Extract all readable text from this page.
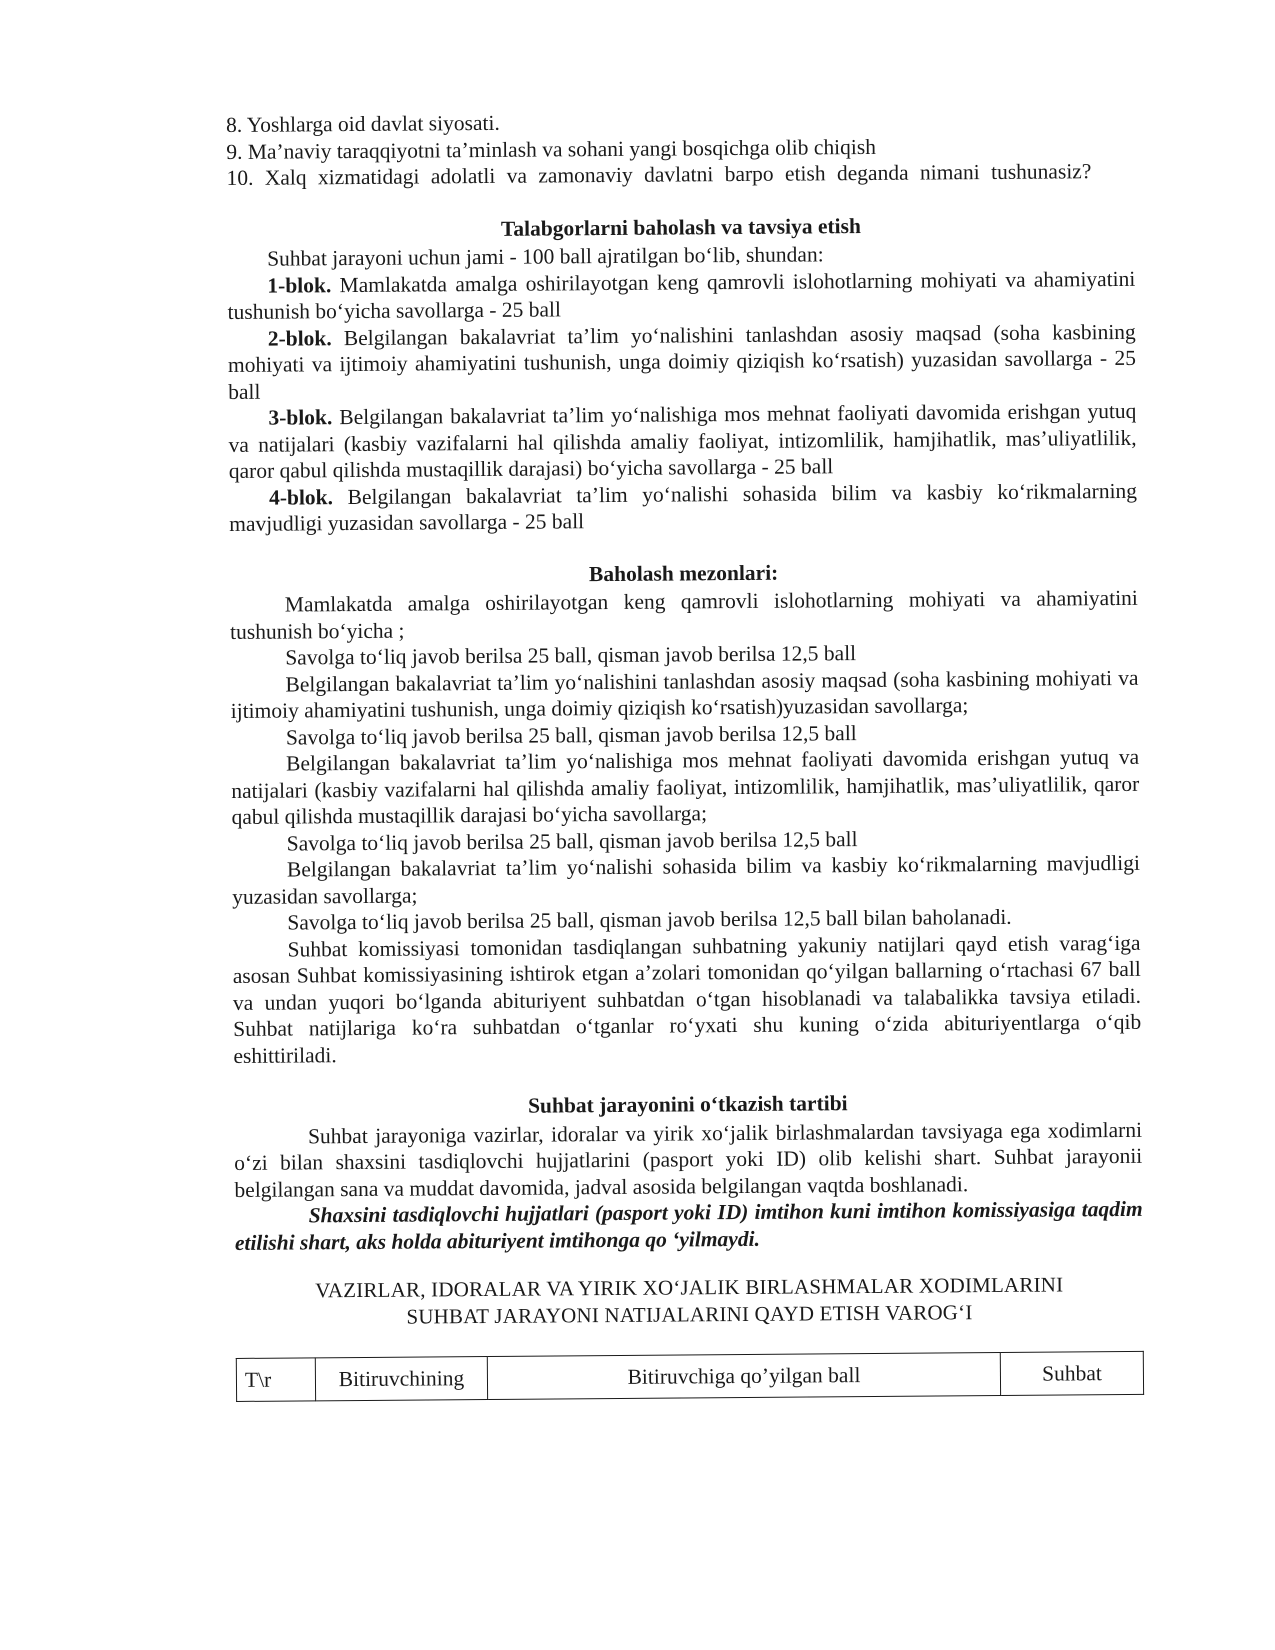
8. Yoshlarga oid davlat siyosati.

9. Ma’naviy taraqqiyotni ta’minlash va sohani yangi bosqichga olib chiqish

10. Xalq xizmatidagi adolatli va zamonaviy davlatni barpo etish deganda nimani tushunasiz?

Talabgorlarni baholash va tavsiya etish

Suhbat jarayoni uchun jami - 100 ball ajratilgan bo‘lib, shundan:

1-blok. Mamlakatda amalga oshirilayotgan keng qamrovli islohotlarning mohiyati va ahamiyatini tushunish bo‘yicha savollarga - 25 ball

2-blok. Belgilangan bakalavriat ta’lim yo‘nalishini tanlashdan asosiy maqsad (soha kasbining mohiyati va ijtimoiy ahamiyatini tushunish, unga doimiy qiziqish ko‘rsatish) yuzasidan savollarga - 25 ball

3-blok. Belgilangan bakalavriat ta’lim yo‘nalishiga mos mehnat faoliyati davomida erishgan yutuq va natijalari (kasbiy vazifalarni hal qilishda amaliy faoliyat, intizomlilik, hamjihatlik, mas’uliyatlilik, qaror qabul qilishda mustaqillik darajasi) bo‘yicha savollarga - 25 ball

4-blok. Belgilangan bakalavriat ta’lim yo‘nalishi sohasida bilim va kasbiy ko‘rikmalarning mavjudligi yuzasidan savollarga - 25 ball

Baholash mezonlari:

Mamlakatda amalga oshirilayotgan keng qamrovli islohotlarning mohiyati va ahamiyatini tushunish bo‘yicha ;

Savolga to‘liq javob berilsa 25 ball, qisman javob berilsa 12,5 ball

Belgilangan bakalavriat ta’lim yo‘nalishini tanlashdan asosiy maqsad (soha kasbining mohiyati va ijtimoiy ahamiyatini tushunish, unga doimiy qiziqish ko‘rsatish)yuzasidan savollarga;

Savolga to‘liq javob berilsa 25 ball, qisman javob berilsa 12,5 ball

Belgilangan bakalavriat ta’lim yo‘nalishiga mos mehnat faoliyati davomida erishgan yutuq va natijalari (kasbiy vazifalarni hal qilishda amaliy faoliyat, intizomlilik, hamjihatlik, mas’uliyatlilik, qaror qabul qilishda mustaqillik darajasi bo‘yicha savollarga;

Savolga to‘liq javob berilsa 25 ball, qisman javob berilsa 12,5 ball

Belgilangan bakalavriat ta’lim yo‘nalishi sohasida bilim va kasbiy ko‘rikmalarning mavjudligi yuzasidan savollarga;

Savolga to‘liq javob berilsa 25 ball, qisman javob berilsa 12,5 ball bilan baholanadi.

Suhbat komissiyasi tomonidan tasdiqlangan suhbatning yakuniy natijlari qayd etish varag‘iga asosan Suhbat komissiyasining ishtirok etgan a’zolari tomonidan qo‘yilgan ballarning o‘rtachasi 67 ball va undan yuqori bo‘lganda abituriyent suhbatdan o‘tgan hisoblanadi va talabalikka tavsiya etiladi. Suhbat natijlariga ko‘ra suhbatdan o‘tganlar ro‘yxati shu kuning o‘zida abituriyentlarga o‘qib eshittiriladi.

Suhbat jarayonini o‘tkazish tartibi

Suhbat jarayoniga vazirlar, idoralar va yirik xo‘jalik birlashmalardan tavsiyaga ega xodimlarni o‘zi bilan shaxsini tasdiqlovchi hujjatlarini (pasport yoki ID) olib kelishi shart. Suhbat jarayonii belgilangan sana va muddat davomida, jadval asosida belgilangan vaqtda boshlanadi.

Shaxsini tasdiqlovchi hujjatlari (pasport yoki ID) imtihon kuni imtihon komissiyasiga taqdim etilishi shart, aks holda abituriyent imtihonga qo ‘yilmaydi.

VAZIRLAR, IDORALAR VA YIRIK XO‘JALIK BIRLASHMALAR XODIMLARINI
SUHBAT JARAYONI NATIJALARINI QAYD ETISH VAROG‘I
T\r	Bitiruvchining	Bitiruvchiga qo’yilgan ball	Suhbat
